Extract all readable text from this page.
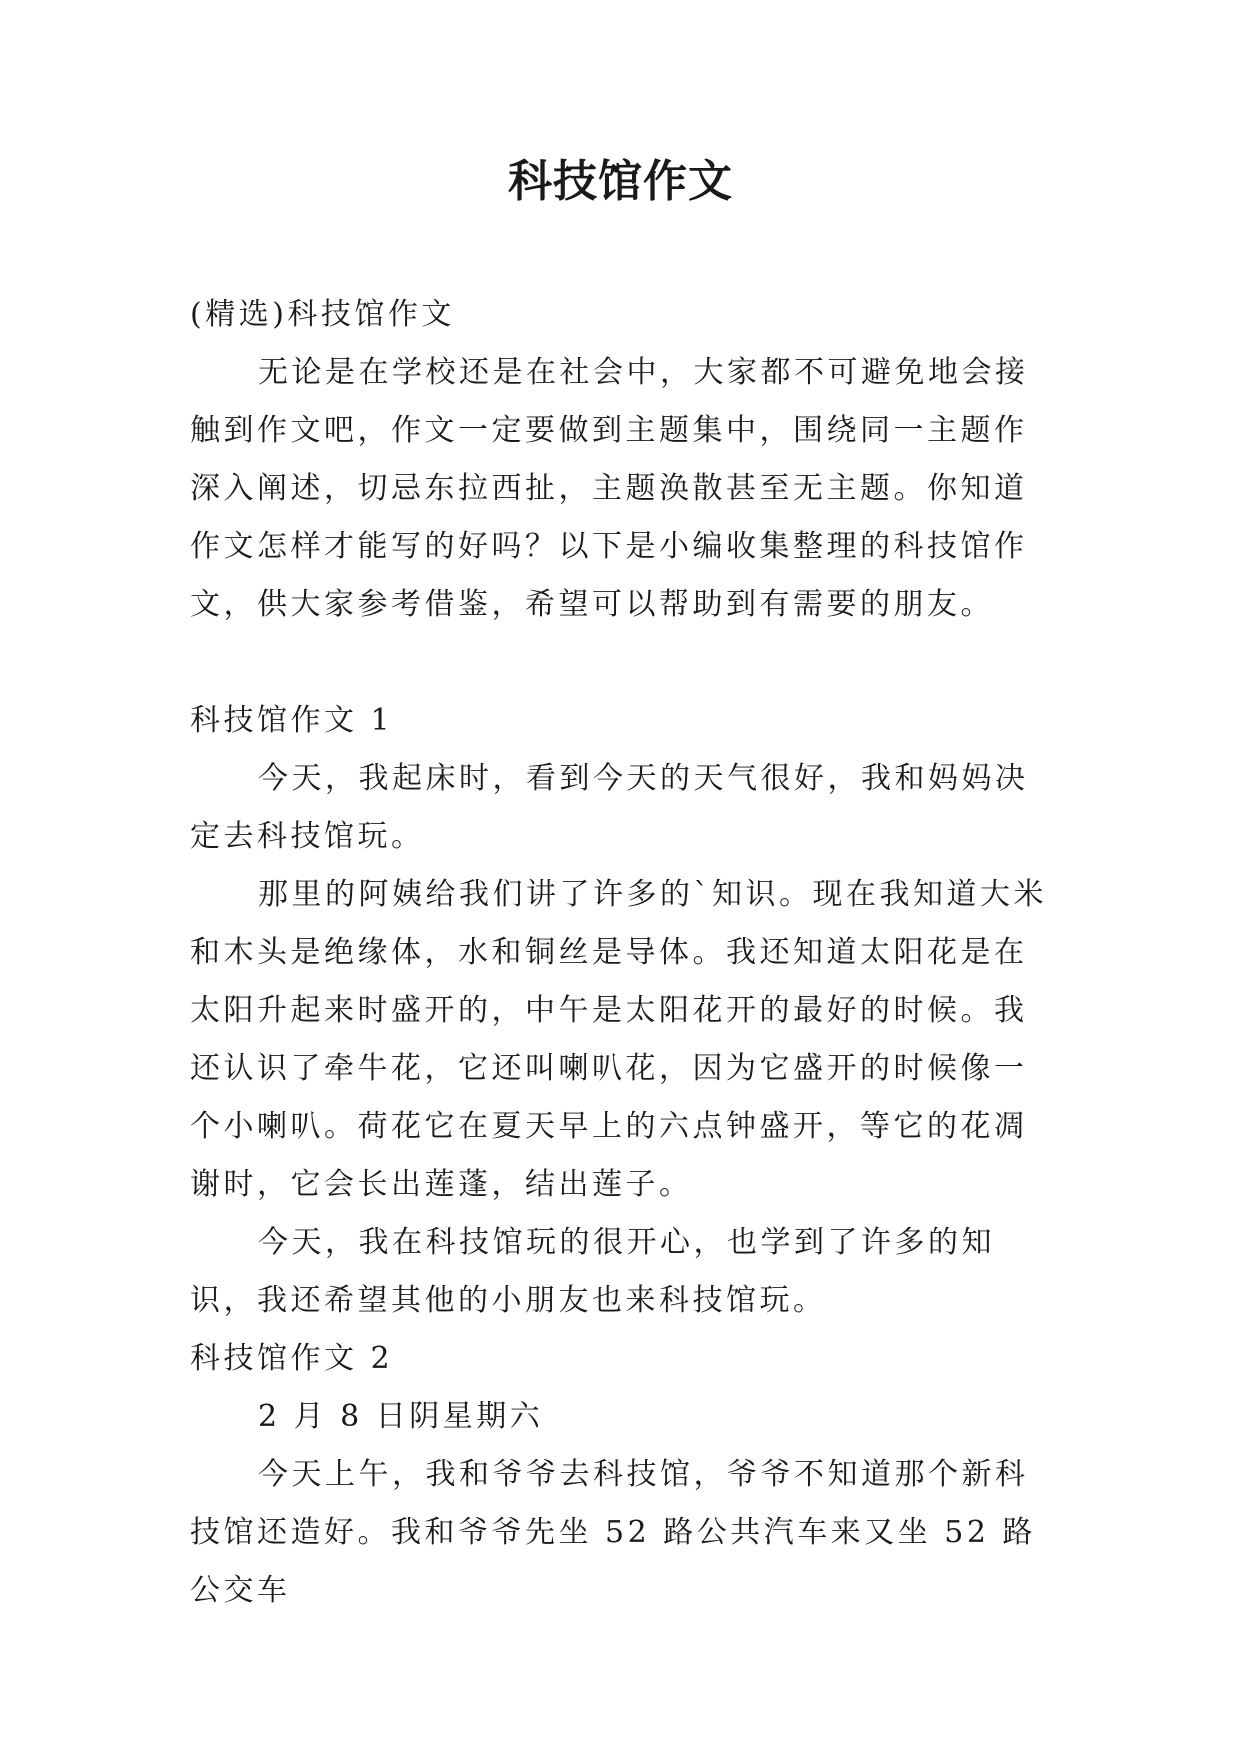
科技馆作文

(精选)科技馆作文

无论是在学校还是在社会中，大家都不可避免地会接触到作文吧，作文一定要做到主题集中，围绕同一主题作深入阐述，切忌东拉西扯，主题涣散甚至无主题。你知道作文怎样才能写的好吗？以下是小编收集整理的科技馆作文，供大家参考借鉴，希望可以帮助到有需要的朋友。

科技馆作文 1

今天，我起床时，看到今天的天气很好，我和妈妈决定去科技馆玩。

那里的阿姨给我们讲了许多的`知识。现在我知道大米和木头是绝缘体，水和铜丝是导体。我还知道太阳花是在太阳升起来时盛开的，中午是太阳花开的最好的时候。我还认识了牵牛花，它还叫喇叭花，因为它盛开的时候像一个小喇叭。荷花它在夏天早上的六点钟盛开，等它的花凋谢时，它会长出莲蓬，结出莲子。

今天，我在科技馆玩的很开心，也学到了许多的知识，我还希望其他的小朋友也来科技馆玩。

科技馆作文 2

2 月 8 日阴星期六

今天上午，我和爷爷去科技馆，爷爷不知道那个新科技馆还造好。我和爷爷先坐 52 路公共汽车来又坐 52 路公交车
